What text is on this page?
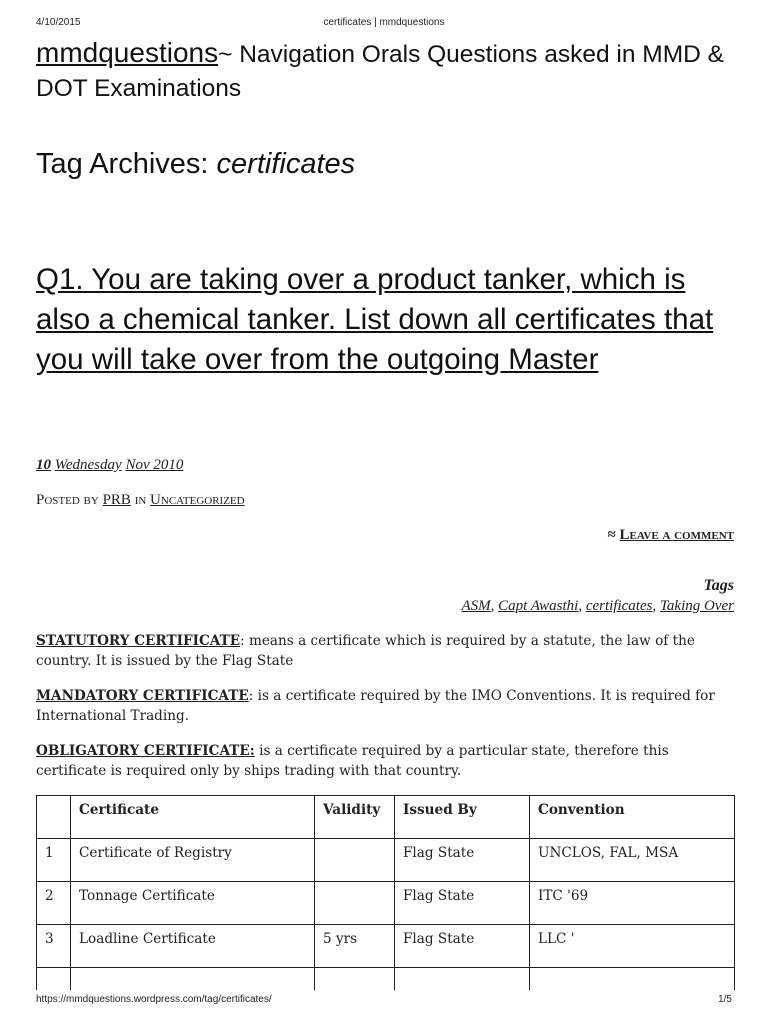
4/10/2015	certificates | mmdquestions
mmdquestions~ Navigation Orals Questions asked in MMD & DOT Examinations
Tag Archives: certificates
Q1. You are taking over a product tanker, which is also a chemical tanker. List down all certificates that you will take over from the outgoing Master
10 Wednesday Nov 2010
Posted by PRB in Uncategorized
≈ Leave a comment
Tags
ASM, Capt Awasthi, certificates, Taking Over
STATUTORY CERTIFICATE: means a certificate which is required by a statute, the law of the country. It is issued by the Flag State
MANDATORY CERTIFICATE: is a certificate required by the IMO Conventions. It is required for International Trading.
OBLIGATORY CERTIFICATE: is a certificate required by a particular state, therefore this certificate is required only by ships trading with that country.
	Certificate	Validity	Issued By	Convention
1	Certificate of Registry		Flag State	UNCLOS, FAL, MSA
2	Tonnage Certificate		Flag State	ITC '69
3	Loadline Certificate	5 yrs	Flag State	LLC '

https://mmdquestions.wordpress.com/tag/certificates/	1/5
